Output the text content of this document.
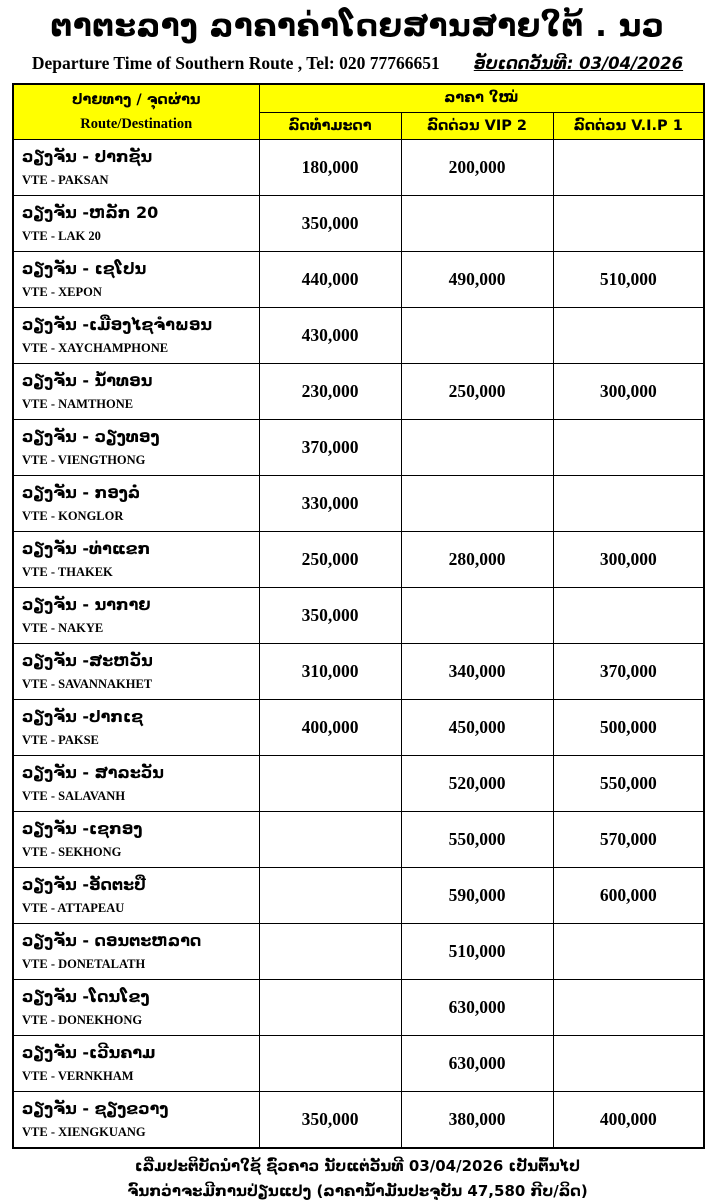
ຕາຕະລາງ ລາຄາຄ່າໂດຍສານສາຍໃຕ້ . ນວ
Departure Time of Southern Route , Tel: 020 77766651 ອັບເດດວັນທີ: 03/04/2026
ປາຍທາງ / ຈຸດຜ່ານ
Route/Destination	ລາຄາ ໃໝ່		
	ລົດທຳມະດາ	ລົດດ່ວນ VIP 2	ລົດດ່ວນ V.I.P 1

ວຽງຈັນ - ປາກຊັນ
VTE - PAKSAN	180,000	200,000	

ວຽງຈັນ -ຫລັກ 20
VTE - LAK 20	350,000		

ວຽງຈັນ - ເຊໂປນ
VTE - XEPON	440,000	490,000	510,000

ວຽງຈັນ -ເມືອງໄຊຈຳພອນ
VTE - XAYCHAMPHONE	430,000		

ວຽງຈັນ - ນ້ຳທອນ
VTE - NAMTHONE	230,000	250,000	300,000

ວຽງຈັນ - ວຽງທອງ
VTE - VIENGTHONG	370,000		

ວຽງຈັນ - ກອງລໍ່
VTE - KONGLOR	330,000		

ວຽງຈັນ -ທ່າແຂກ
VTE - THAKEK	250,000	280,000	300,000

ວຽງຈັນ - ນາກາຍ
VTE - NAKYE	350,000		

ວຽງຈັນ -ສະຫວັນ
VTE - SAVANNAKHET	310,000	340,000	370,000

ວຽງຈັນ -ປາກເຊ
VTE - PAKSE	400,000	450,000	500,000

ວຽງຈັນ - ສາລະວັນ
VTE - SALAVANH		520,000	550,000

ວຽງຈັນ -ເຊກອງ
VTE - SEKHONG		550,000	570,000

ວຽງຈັນ -ອັດຕະປື
VTE - ATTAPEAU		590,000	600,000

ວຽງຈັນ - ດອນຕະຫລາດ
VTE - DONETALATH		510,000	

ວຽງຈັນ -ໂດນໂຂງ
VTE - DONEKHONG		630,000	

ວຽງຈັນ -ເວີນຄາມ
VTE - VERNKHAM		630,000	

ວຽງຈັນ - ຊຽງຂວາງ
VTE - XIENGKUANG	350,000	380,000	400,000

ເລີ່ມປະຕິບັດນຳໃຊ້ ຊົ່ວຄາວ ນັບແຕ່ວັນທີ 03/04/2026 ເປັນຕົ້ນໄປ

ຈົນກວ່າຈະມີການປ່ຽນແປງ (ລາຄານ້ຳມັນປະຈຸບັນ 47,580 ກີບ/ລິດ)
